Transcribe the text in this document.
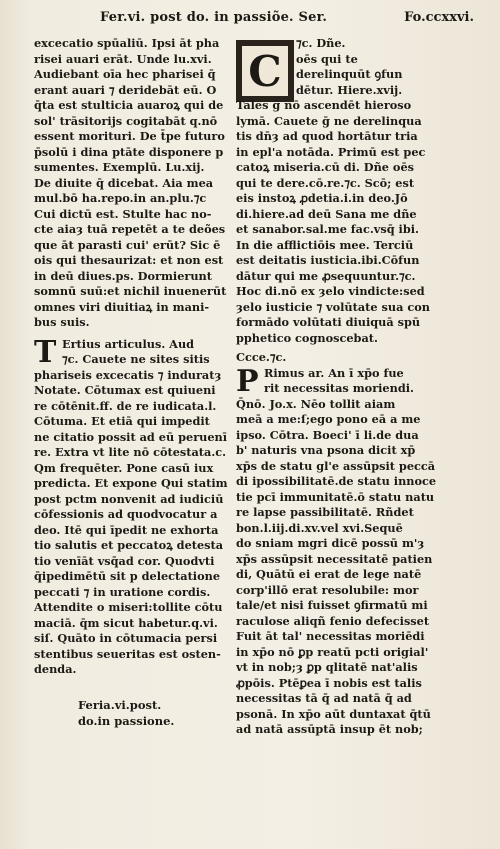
Fer.vi. post do. in passiõe. Ser.	Fo.ccxxvi.
excecatio spūaliū. Ipsi āt pha
risei auari erāt. Unde lu.xvi.
Audiebant oīa hec pharisei q̄
erant auari ⁊ deridebāt eū. O
q̄ta est stulticia auaroꝝ qui de
sol' trāsitorijs cogitabāt q.nō
essent morituri. De t̄pe futuro
p̄solū i dina ptāte disponere p
sumentes. Exemplū. Lu.xij.
De diuite q̄ dicebat. Aia mea
mul.bō ha.repo.in an.plu.⁊c
Cui dictū est. Stulte hac no-
cte aiaȝ tuā repetēt a te deões
que āt parasti cui' erūt? Sic ē
ois qui thesaurizat: et non est
in deū diues.ps. Dormierunt
somnū suū:et nichil inuenerūt
omnes viri diuitiaꝝ in mani-
bus suis.
T Ertius articulus. Aud
⁊c. Cauete ne sites sitis
phariseis excecatis ⁊ induratȝ
Notate. Cōtumax est quiueni
re cōtēnit.ff. de re iudicata.l.
Cōtuma. Et etiā qui impedit
ne citatio possit ad eū peruenī
re. Extra vt lite nō cōtestata.c.
Qm frequēter. Pone casū iux
predicta. Et expone Qui statim
post pctm nonvenit ad iudiciū
cōfessionis ad quodvocatur a
deo. Itē qui īpedit ne exhorta
tio salutis et peccatoꝝ detesta
tio venīāt vsq̄ad cor. Quodvti
q̄ipedimētū sit p delectatione
peccati ⁊ in uratione cordis.
Attendite o miseri:tollite cōtu
maciā. q̄m sicut habetur.q.vi.
siſ. Quāto in cōtumacia persi
stentibus seueritas est osten-
denda.
Feria.vi.post.
do.in passione.
C
⁊c. Dñe.
oēs qui te
derelinquūt ꝯfun
dētur. Hiere.xvij.
Tales ḡ nō ascendēt hieroso
lymā. Cauete ḡ ne derelinqua
tis dn̄ȝ ad quod hortātur tria
in epl'a notāda. Primū est pec
catoꝝ miseria.cū di. Dñe oēs
qui te dere.cō.re.⁊c. Scō; est
eis instoꝝ ꝓdetia.i.in deo.Jō
di.hiere.ad deū Sana me dñe
et sanabor.sal.me fac.vsq̄ ibi.
In die afflictiōis mee. Terciū
est deitatis iusticia.ibi.Cōfun
dātur qui me ꝓsequuntur.⁊c.
Hoc di.nō ex ȝelo vindicte:sed
ȝelo iusticie ⁊ volūtate sua con
formādo volūtati diuiquā spū
pphetico cognoscebat.
Ccce.⁊c.
P Rimus ar. An ī xp̄o fue
rit necessitas moriendi.
Q̄nō. Jo.x. Nēo tollit aiam
meā a me:ſ;ego pono eā a me
ipso. Cōtra. Boeci' ī li.de dua
b' naturis vna psona dicit xp̄
xp̄s de statu gl'e assūpsit peccā
di ipossibilitatē.de statu innoce
tie pcī immunitatē.ō statu natu
re lapse passibilitatē. Rñdet
bon.l.iij.di.xv.vel xvi.Sequē
do sniam mgri dicē possū m'ȝ
xp̄s assūpsit necessitatē patien
di, Quātū ei erat de lege natē
corp'illō erat resolubile: mor
tale/et nisi fuisset ꝯfirmatū mi
raculose aliqñ fenio defecisset
Fuit āt tal' necessitas moriēdi
in xp̄o nō ꝑp reatū pcti origial'
vt in nob;ȝ ꝑp qlitatē nat'alis
ꝓpōis. Ptēꝑea ī nobis est talis
necessitas tā q̄ ad natā q̄ ad
psonā. In xp̄o aūt duntaxat q̄tū
ad natā assūptā insup ēt nob;
